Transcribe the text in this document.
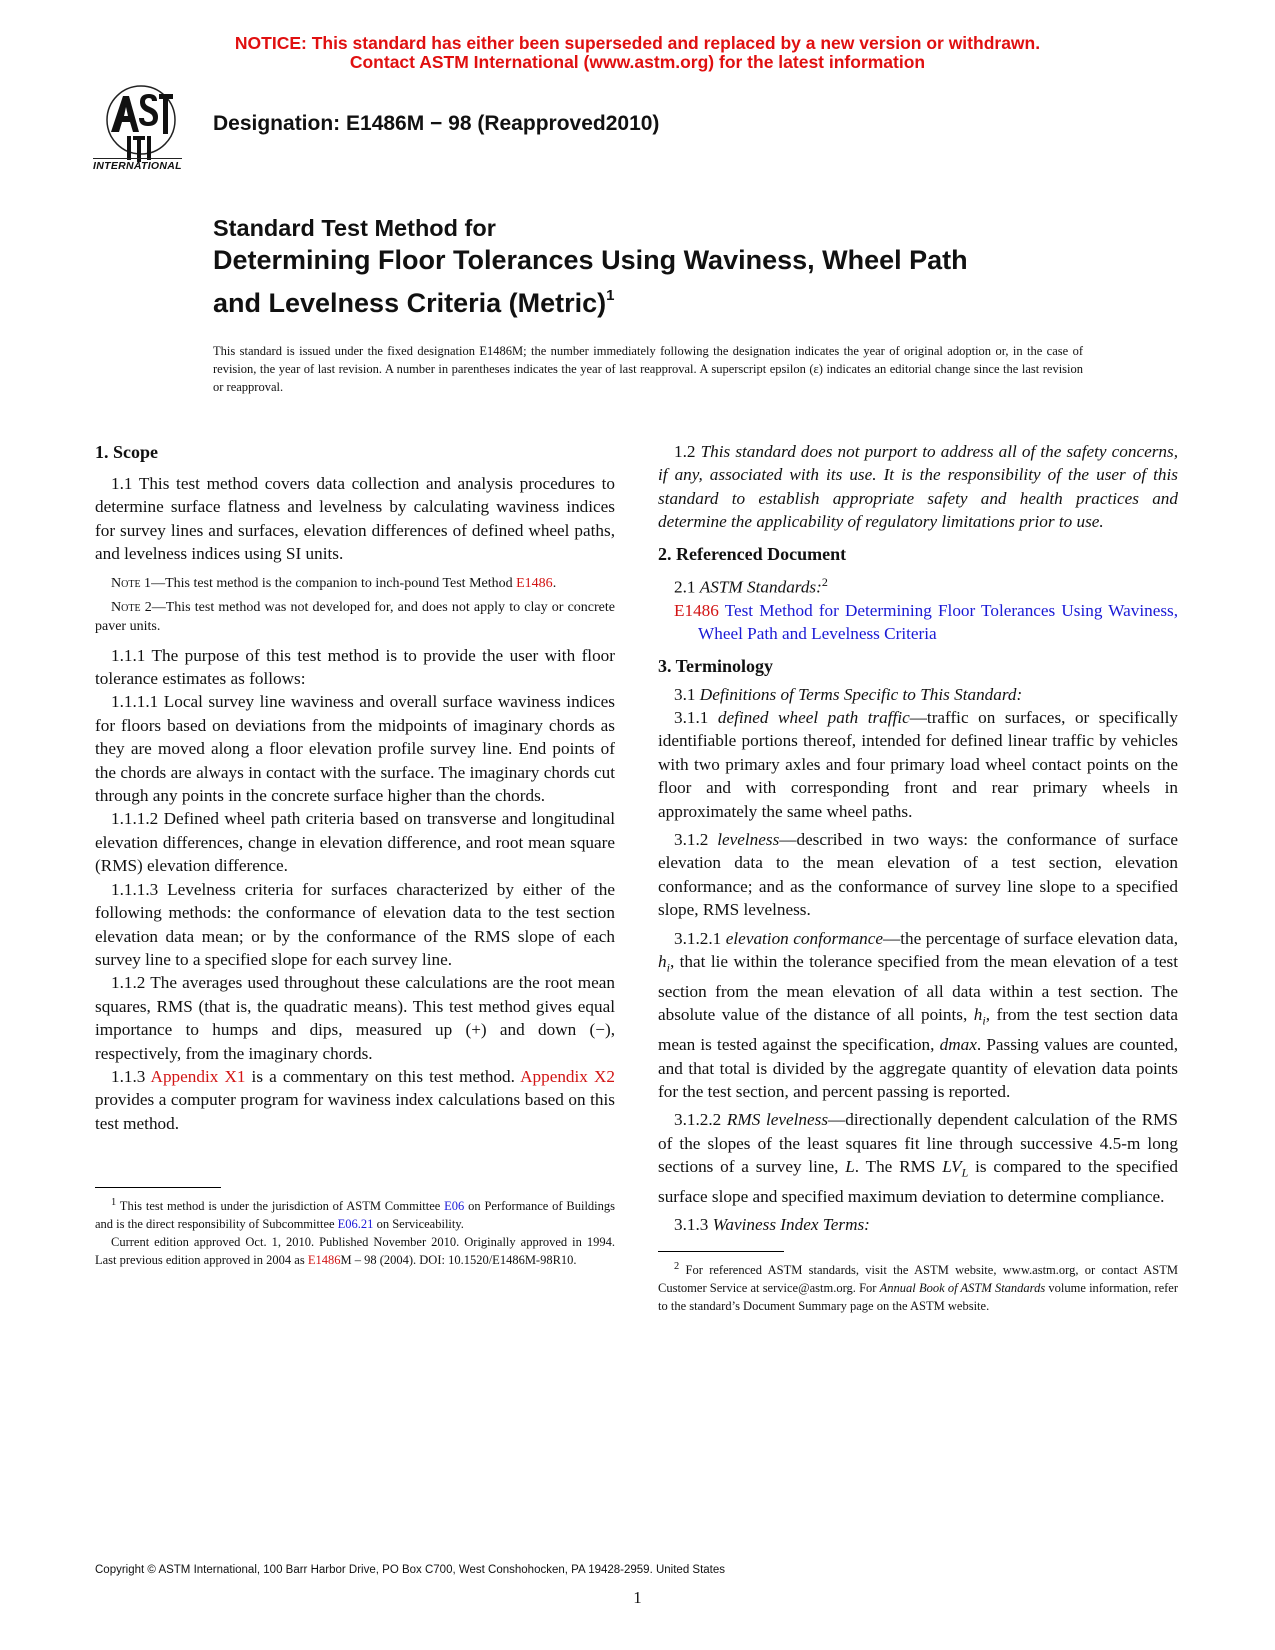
NOTICE: This standard has either been superseded and replaced by a new version or withdrawn.
Contact ASTM International (www.astm.org) for the latest information
INTERNATIONAL
Designation: E1486M − 98 (Reapproved2010)
Standard Test Method for
Determining Floor Tolerances Using Waviness, Wheel Path
and Levelness Criteria (Metric)$^1$
This standard is issued under the fixed designation E1486M; the number immediately following the designation indicates the year of original adoption or, in the case of revision, the year of last revision. A number in parentheses indicates the year of last reapproval. A superscript epsilon (ε) indicates an editorial change since the last revision or reapproval.
1. Scope

1.1 This test method covers data collection and analysis procedures to determine surface flatness and levelness by calculating waviness indices for survey lines and surfaces, elevation differences of defined wheel paths, and levelness indices using SI units.

Note 1—This test method is the companion to inch-pound Test Method E1486.

Note 2—This test method was not developed for, and does not apply to clay or concrete paver units.

1.1.1 The purpose of this test method is to provide the user with floor tolerance estimates as follows:

1.1.1.1 Local survey line waviness and overall surface waviness indices for floors based on deviations from the midpoints of imaginary chords as they are moved along a floor elevation profile survey line. End points of the chords are always in contact with the surface. The imaginary chords cut through any points in the concrete surface higher than the chords.

1.1.1.2 Defined wheel path criteria based on transverse and longitudinal elevation differences, change in elevation difference, and root mean square (RMS) elevation difference.

1.1.1.3 Levelness criteria for surfaces characterized by either of the following methods: the conformance of elevation data to the test section elevation data mean; or by the conformance of the RMS slope of each survey line to a specified slope for each survey line.

1.1.2 The averages used throughout these calculations are the root mean squares, RMS (that is, the quadratic means). This test method gives equal importance to humps and dips, measured up (+) and down (−), respectively, from the imaginary chords.

1.1.3 Appendix X1 is a commentary on this test method. Appendix X2 provides a computer program for waviness index calculations based on this test method.

$^1$ This test method is under the jurisdiction of ASTM Committee E06 on Performance of Buildings and is the direct responsibility of Subcommittee E06.21 on Serviceability.

Current edition approved Oct. 1, 2010. Published November 2010. Originally approved in 1994. Last previous edition approved in 2004 as E1486M – 98 (2004). DOI: 10.1520/E1486M-98R10.

1.2 This standard does not purport to address all of the safety concerns, if any, associated with its use. It is the responsibility of the user of this standard to establish appropriate safety and health practices and determine the applicability of regulatory limitations prior to use.

2. Referenced Document

2.1 ASTM Standards:$^2$

E1486 Test Method for Determining Floor Tolerances Using Waviness, Wheel Path and Levelness Criteria

3. Terminology

3.1 Definitions of Terms Specific to This Standard:

3.1.1 defined wheel path traffic—traffic on surfaces, or specifically identifiable portions thereof, intended for defined linear traffic by vehicles with two primary axles and four primary load wheel contact points on the floor and with corresponding front and rear primary wheels in approximately the same wheel paths.

3.1.2 levelness—described in two ways: the conformance of surface elevation data to the mean elevation of a test section, elevation conformance; and as the conformance of survey line slope to a specified slope, RMS levelness.

3.1.2.1 elevation conformance—the percentage of surface elevation data, $h_i$, that lie within the tolerance specified from the mean elevation of a test section from the mean elevation of all data within a test section. The absolute value of the distance of all points, $h_i$, from the test section data mean is tested against the specification, dmax. Passing values are counted, and that total is divided by the aggregate quantity of elevation data points for the test section, and percent passing is reported.

3.1.2.2 RMS levelness—directionally dependent calculation of the RMS of the slopes of the least squares fit line through successive 4.5-m long sections of a survey line, L. The RMS $LV_L$ is compared to the specified surface slope and specified maximum deviation to determine compliance.

3.1.3 Waviness Index Terms:

$^2$ For referenced ASTM standards, visit the ASTM website, www.astm.org, or contact ASTM Customer Service at service@astm.org. For Annual Book of ASTM Standards volume information, refer to the standard’s Document Summary page on the ASTM website.

Copyright © ASTM International, 100 Barr Harbor Drive, PO Box C700, West Conshohocken, PA 19428-2959. United States
1
